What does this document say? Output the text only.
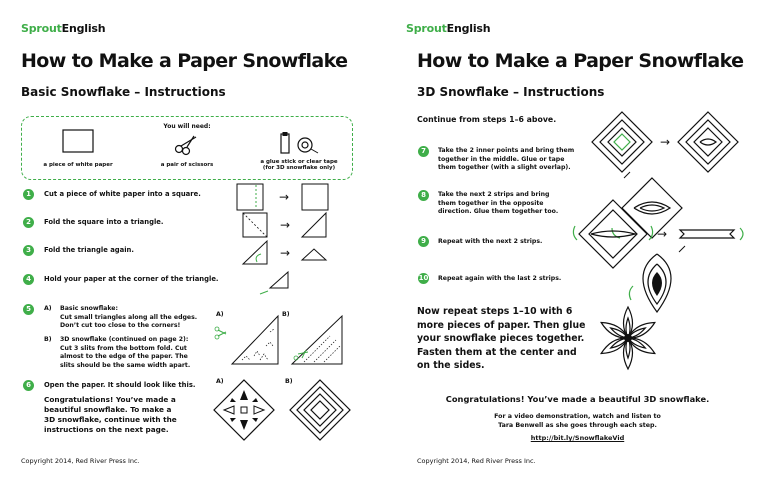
SproutEnglish
How to Make a Paper Snowflake
Basic Snowflake – Instructions
You will need:
a piece of white paper	a pair of scissors	a glue stick or clear tape
(for 3D snowflake only)
1	Cut a piece of white paper into a square.
2	Fold the square into a triangle.
3	Fold the triangle again.
4	Hold your paper at the corner of the triangle.
→
→
→
5	A) Basic snowflake:
Cut small triangles along all the edges.
Don’t cut too close to the corners!
B) 3D snowflake (continued on page 2):
Cut 3 slits from the bottom fold. Cut
almost to the edge of the paper. The
slits should be the same width apart.
A)	B)
6	Open the paper. It should look like this.
Congratulations! You’ve made a
beautiful snowflake. To make a
3D snowflake, continue with the
instructions on the next page.
A)	B)
Copyright 2014, Red River Press Inc.
SproutEnglish
How to Make a Paper Snowflake
3D Snowflake – Instructions
Continue from steps 1–6 above.
7	Take the 2 inner points and bring them
together in the middle. Glue or tape
them together (with a slight overlap).
8	Take the next 2 strips and bring
them together in the opposite
direction. Glue them together too.
9	Repeat with the next 2 strips.
10 Repeat again with the last 2 strips.
Now repeat steps 1–10 with 6
more pieces of paper. Then glue
your snowflake pieces together.
Fasten them at the center and
on the sides.
→
→
Congratulations! You’ve made a beautiful 3D snowflake.
For a video demonstration, watch and listen to
Tara Benwell as she goes through each step.
http://bit.ly/SnowflakeVid
Copyright 2014, Red River Press Inc.
